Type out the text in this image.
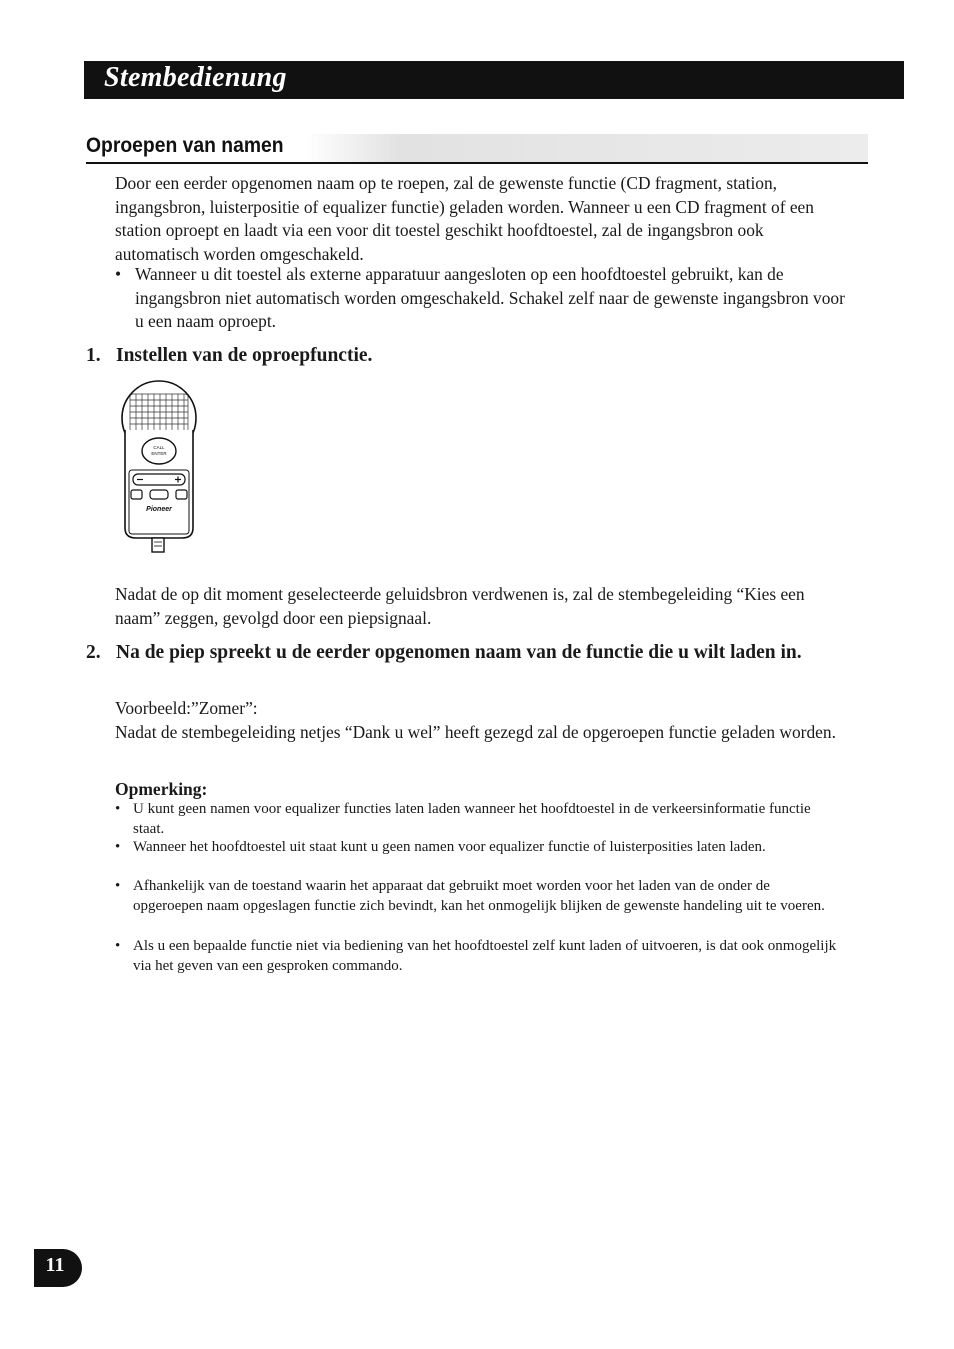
Stembedienung
Oproepen van namen

Door een eerder opgenomen naam op te roepen, zal de gewenste functie (CD fragment, station, ingangsbron, luisterpositie of equalizer functie) geladen worden. Wanneer u een CD fragment of een station oproept en laadt via een voor dit toestel geschikt hoofdtoestel, zal de ingangsbron ook automatisch worden omgeschakeld.

• Wanneer u dit toestel als externe apparatuur aangesloten op een hoofdtoestel gebruikt, kan de ingangsbron niet automatisch worden omgeschakeld. Schakel zelf naar de gewenste ingangsbron voor u een naam oproept.
1. Instellen van de oproepfunctie.
CALL
ENTER
Pioneer

Nadat de op dit moment geselecteerde geluidsbron verdwenen is, zal de stembegeleiding “Kies een naam” zeggen, gevolgd door een piepsignaal.

2. Na de piep spreekt u de eerder opgenomen naam van de functie die u wilt laden in.

Voorbeeld:”Zomer”:

Nadat de stembegeleiding netjes “Dank u wel” heeft gezegd zal de opgeroepen functie geladen worden.

Opmerking:
• U kunt geen namen voor equalizer functies laten laden wanneer het hoofdtoestel in de verkeersinformatie functie staat.
• Wanneer het hoofdtoestel uit staat kunt u geen namen voor equalizer functie of luisterposities laten laden.
• Afhankelijk van de toestand waarin het apparaat dat gebruikt moet worden voor het laden van de onder de opgeroepen naam opgeslagen functie zich bevindt, kan het onmogelijk blijken de gewenste handeling uit te voeren.
• Als u een bepaalde functie niet via bediening van het hoofdtoestel zelf kunt laden of uitvoeren, is dat ook onmogelijk via het geven van een gesproken commando.
11
